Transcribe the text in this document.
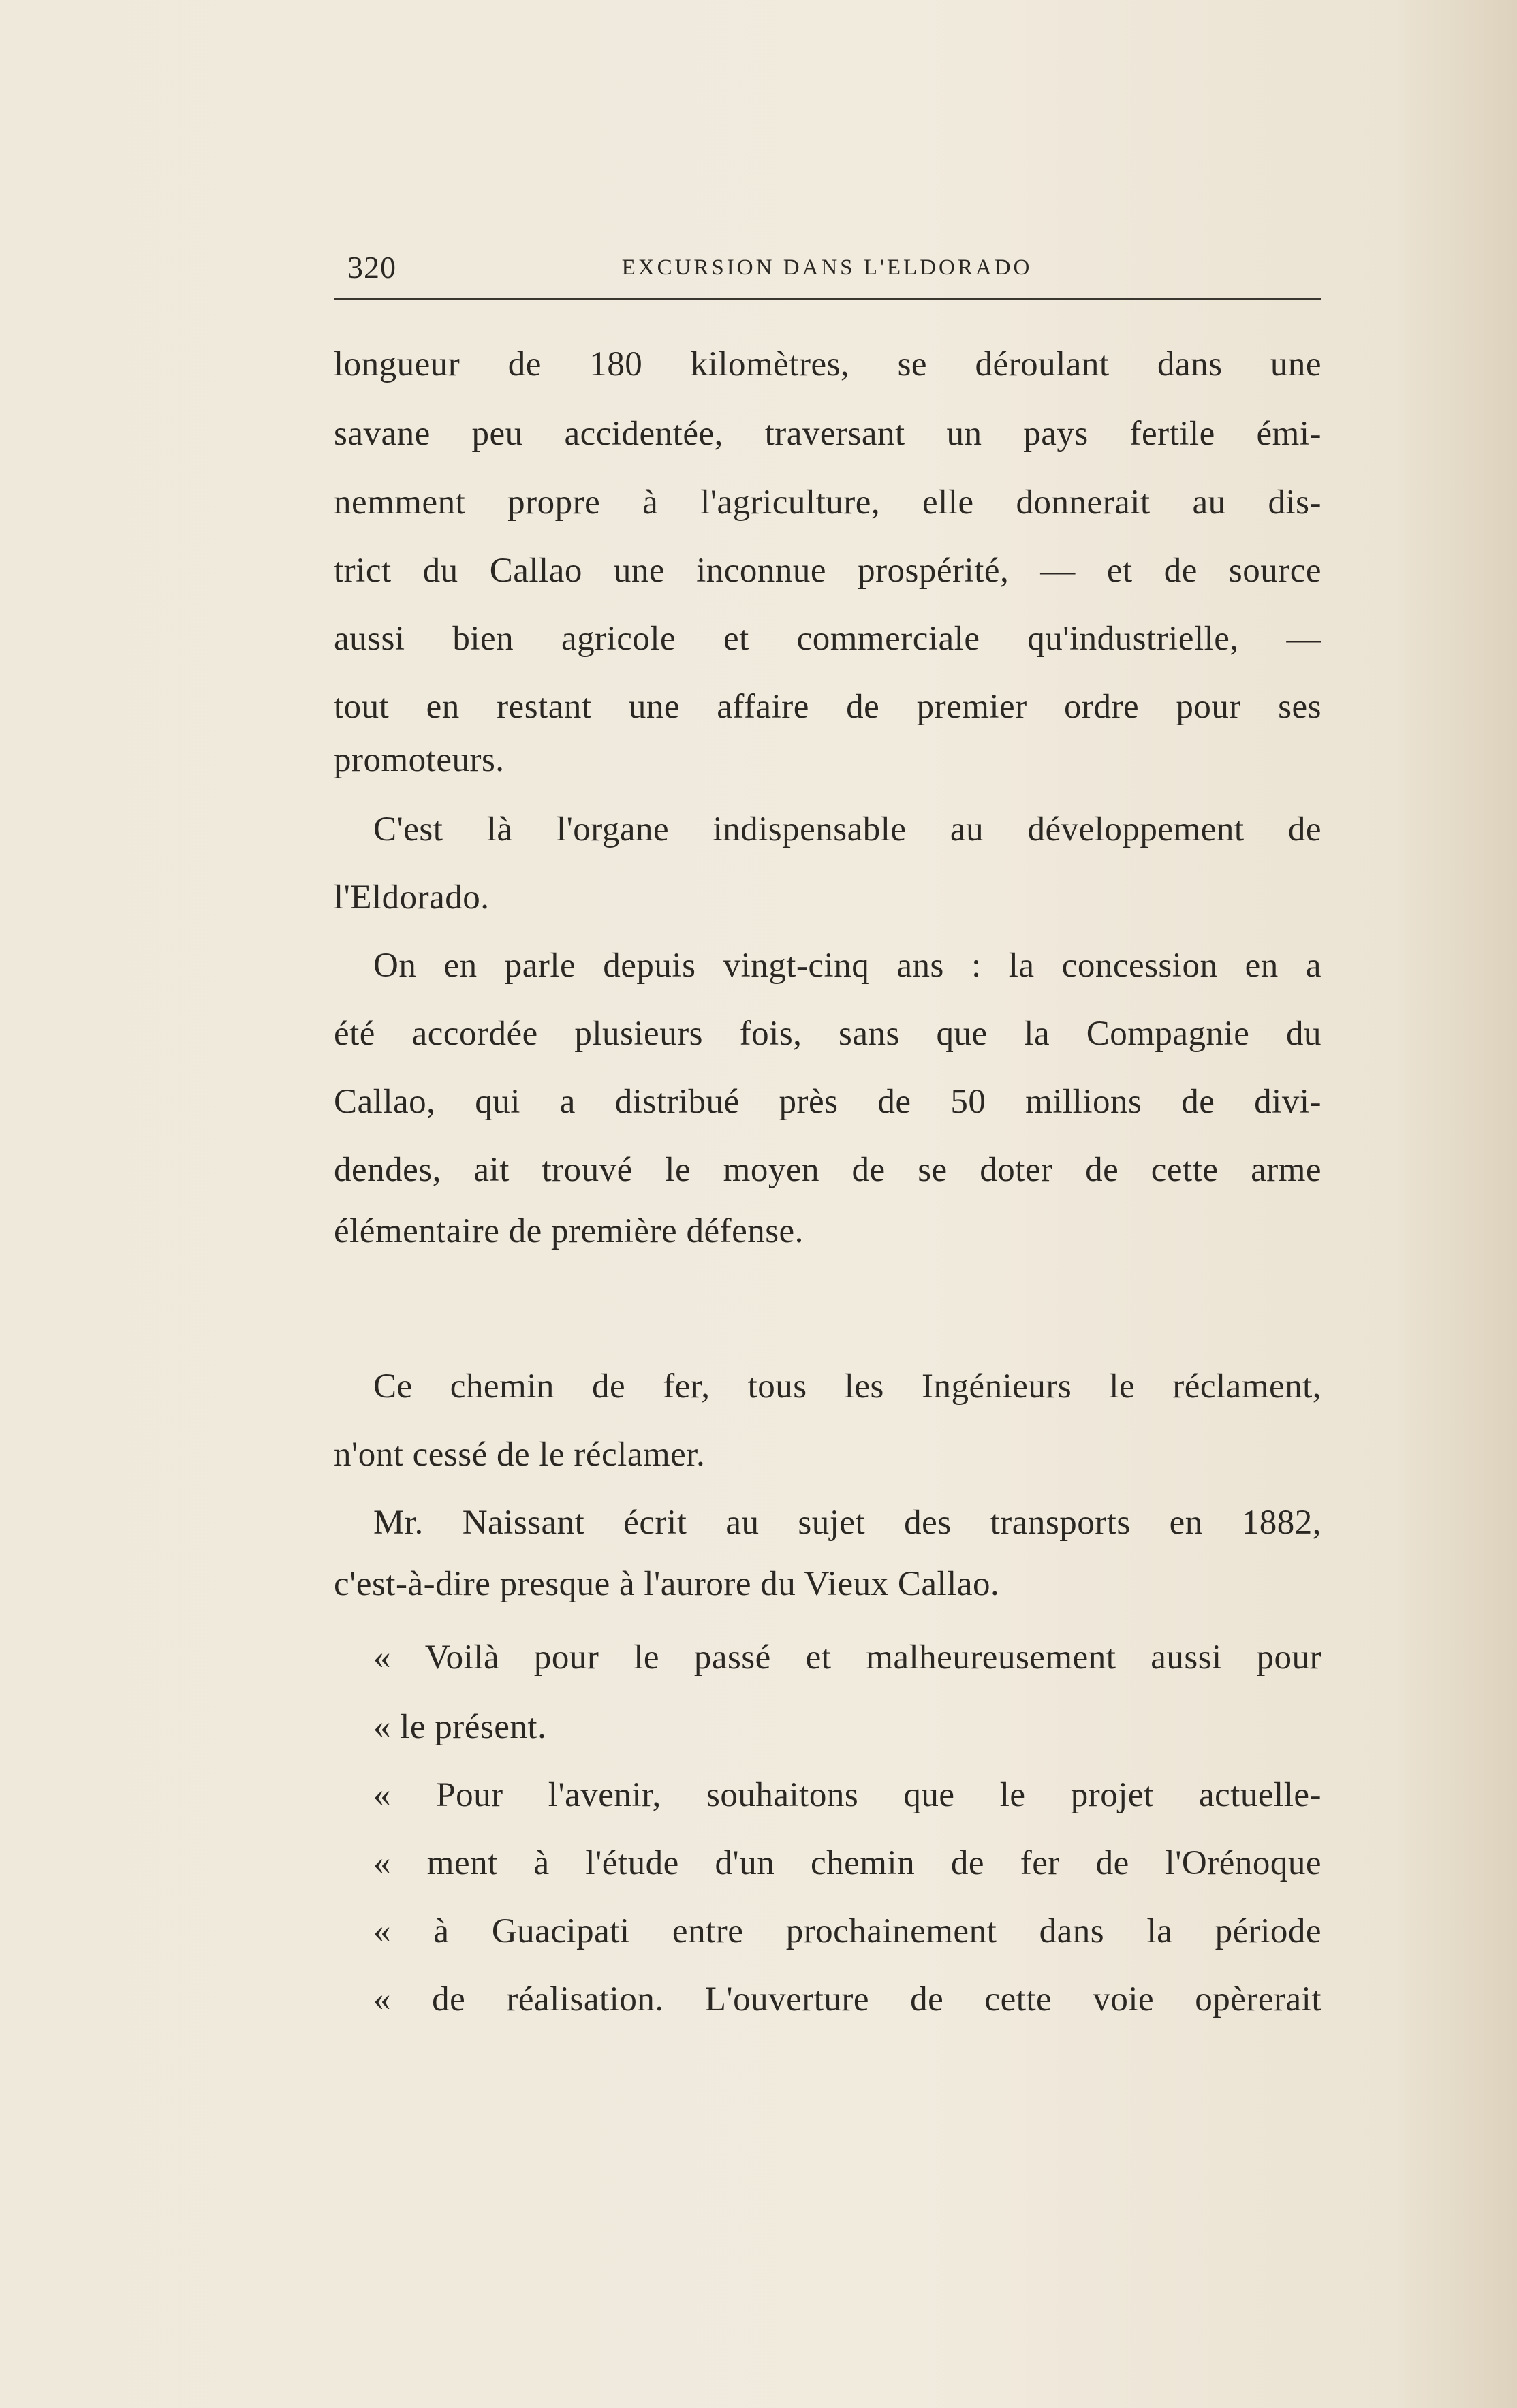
320	EXCURSION DANS L'ELDORADO
longueur de 180 kilomètres, se déroulant dans une
savane peu accidentée, traversant un pays fertile émi-
nemment propre à l'agriculture, elle donnerait au dis-
trict du Callao une inconnue prospérité, — et de source
aussi bien agricole et commerciale qu'industrielle, —
tout en restant une affaire de premier ordre pour ses
promoteurs.
C'est là l'organe indispensable au développement de
l'Eldorado.
On en parle depuis vingt-cinq ans : la concession en a
été accordée plusieurs fois, sans que la Compagnie du
Callao, qui a distribué près de 50 millions de divi-
dendes, ait trouvé le moyen de se doter de cette arme
élémentaire de première défense.
Ce chemin de fer, tous les Ingénieurs le réclament,
n'ont cessé de le réclamer.
Mr. Naissant écrit au sujet des transports en 1882,
c'est-à-dire presque à l'aurore du Vieux Callao.
« Voilà pour le passé et malheureusement aussi pour
« le présent.
« Pour l'avenir, souhaitons que le projet actuelle-
« ment à l'étude d'un chemin de fer de l'Orénoque
« à Guacipati entre prochainement dans la période
« de réalisation. L'ouverture de cette voie opèrerait
